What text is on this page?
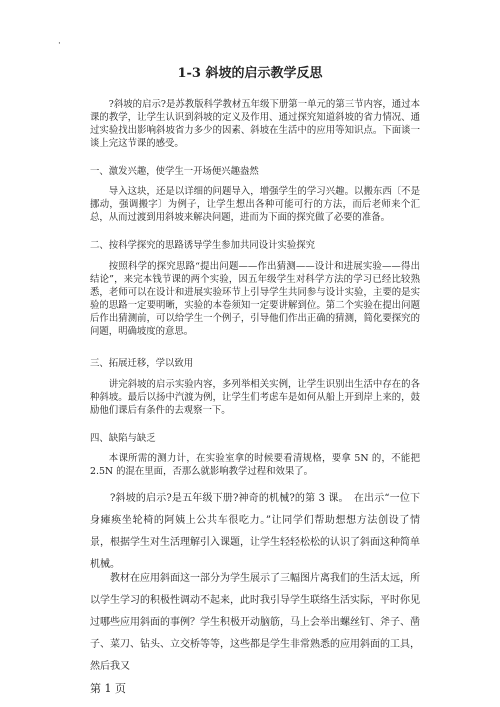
·
1-3 斜坡的启示教学反思

?斜坡的启示?是苏教版科学教材五年级下册第一单元的第三节内容，通过本课的教学，让学生认识到斜坡的定义及作用、通过探究知道斜坡的省力情况、通过实验找出影响斜坡省力多少的因素、斜坡在生活中的应用等知识点。下面谈一谈上完这节课的感受。

一、激发兴趣，使学生一开场便兴趣盎然

导入这块，还是以详细的问题导入，增强学生的学习兴趣。以搬东西〔不是挪动，强调搬字〕为例子，让学生想出各种可能可行的方法，而后老师来个汇总，从而过渡到用斜坡来解决问题，进而为下面的探究做了必要的准备。

二、按科学探究的思路诱导学生参加共同设计实验探究

按照科学的探究思路“提出问题——作出猜测——设计和进展实验——得出结论”，来完本钱节课的两个实验，因五年级学生对科学方法的学习已经比较熟悉，老师可以在设计和进展实验环节上引导学生共同参与设计实验，主要的是实验的思路一定要明晰，实验的本卷须知一定要讲解到位。第二个实验在提出问题后作出猜测前，可以给学生一个例子，引导他们作出正确的猜测，简化要探究的问题，明确坡度的意思。

三、拓展迁移，学以致用

讲完斜坡的启示实验内容，多列举相关实例，让学生识别出生活中存在的各种斜坡。最后以扬中汽渡为例，让学生们考虑车是如何从船上开到岸上来的，鼓励他们课后有条件的去观察一下。

四、缺陷与缺乏

本课所需的测力计，在实验室拿的时候要看清规格，要拿 5N 的，不能把 2.5N 的混在里面，否那么就影响教学过程和效果了。

?斜坡的启示?是五年级下册?神奇的机械?的第 3 课。　在出示“一位下身瘫痪坐轮椅的阿姨上公共车很吃力。”让同学们帮助想想方法创设了情景，根据学生对生活理解引入课题，让学生轻轻松松的认识了斜面这种简单机械。

教材在应用斜面这一部分为学生展示了三幅图片离我们的生活太远，所以学生学习的积极性调动不起来，此时我引导学生联络生活实际，平时你见过哪些应用斜面的事例？学生积极开动脑筋，马上会举出螺丝钉、斧子、凿子、菜刀、钻头、立交桥等等，这些都是学生非常熟悉的应用斜面的工具，然后我又

第 1 页
